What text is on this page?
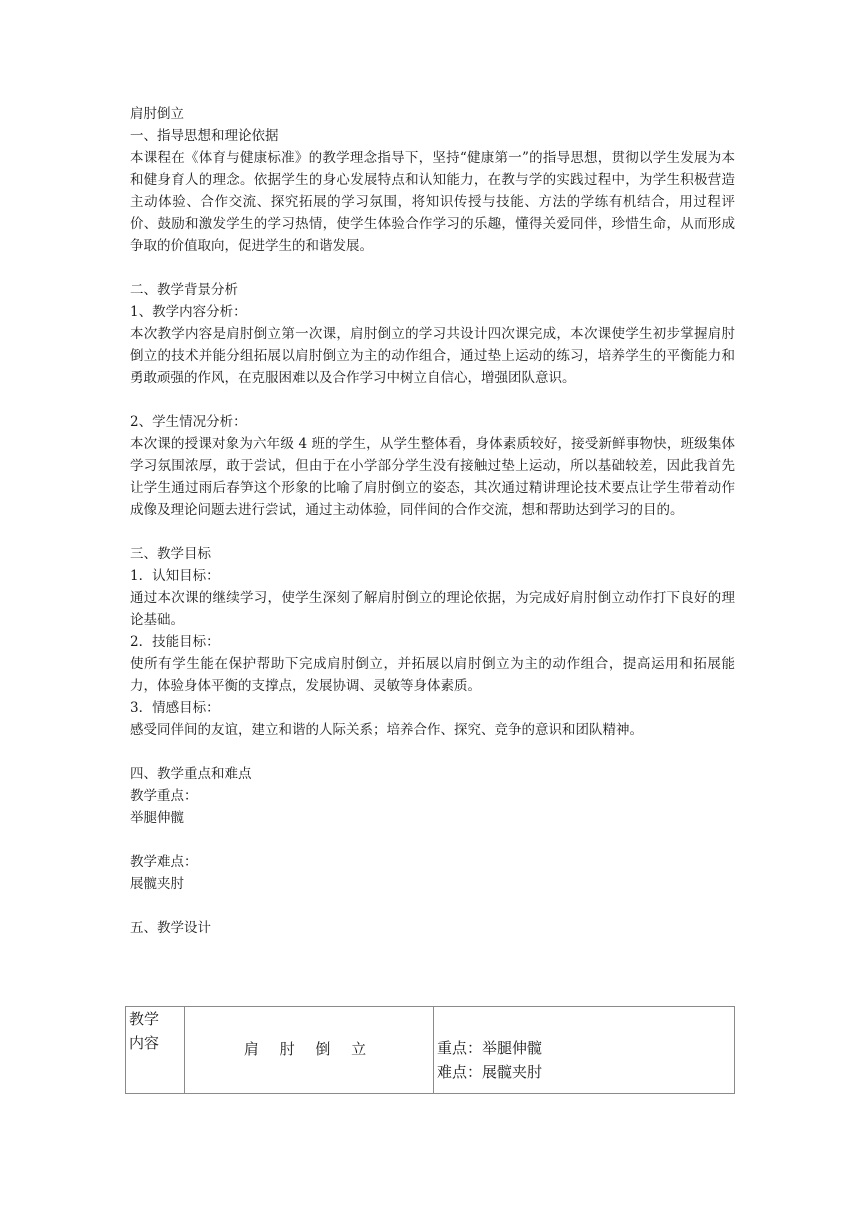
肩肘倒立
一、指导思想和理论依据
本课程在《体育与健康标准》的教学理念指导下，坚持“健康第一”的指导思想，贯彻以学生发展为本和健身育人的理念。依据学生的身心发展特点和认知能力，在教与学的实践过程中，为学生积极营造主动体验、合作交流、探究拓展的学习氛围，将知识传授与技能、方法的学练有机结合，用过程评价、鼓励和激发学生的学习热情，使学生体验合作学习的乐趣，懂得关爱同伴，珍惜生命，从而形成争取的价值取向，促进学生的和谐发展。
二、教学背景分析
1、教学内容分析：
本次教学内容是肩肘倒立第一次课，肩肘倒立的学习共设计四次课完成，本次课使学生初步掌握肩肘倒立的技术并能分组拓展以肩肘倒立为主的动作组合，通过垫上运动的练习，培养学生的平衡能力和勇敢顽强的作风，在克服困难以及合作学习中树立自信心，增强团队意识。
2、学生情况分析：
本次课的授课对象为六年级 4 班的学生，从学生整体看，身体素质较好，接受新鲜事物快，班级集体学习氛围浓厚，敢于尝试，但由于在小学部分学生没有接触过垫上运动，所以基础较差，因此我首先让学生通过雨后春笋这个形象的比喻了肩肘倒立的姿态，其次通过精讲理论技术要点让学生带着动作成像及理论问题去进行尝试，通过主动体验，同伴间的合作交流，想和帮助达到学习的目的。
三、教学目标
1．认知目标：
通过本次课的继续学习，使学生深刻了解肩肘倒立的理论依据，为完成好肩肘倒立动作打下良好的理论基础。
2．技能目标：
使所有学生能在保护帮助下完成肩肘倒立，并拓展以肩肘倒立为主的动作组合，提高运用和拓展能力，体验身体平衡的支撑点，发展协调、灵敏等身体素质。
3．情感目标：
感受同伴间的友谊，建立和谐的人际关系；培养合作、探究、竞争的意识和团队精神。
四、教学重点和难点
教学重点：
举腿伸髋
教学难点：
展髋夹肘
五、教学设计
教学内容	肩 肘 倒 立	重点：举腿伸髋
难点：展髋夹肘
